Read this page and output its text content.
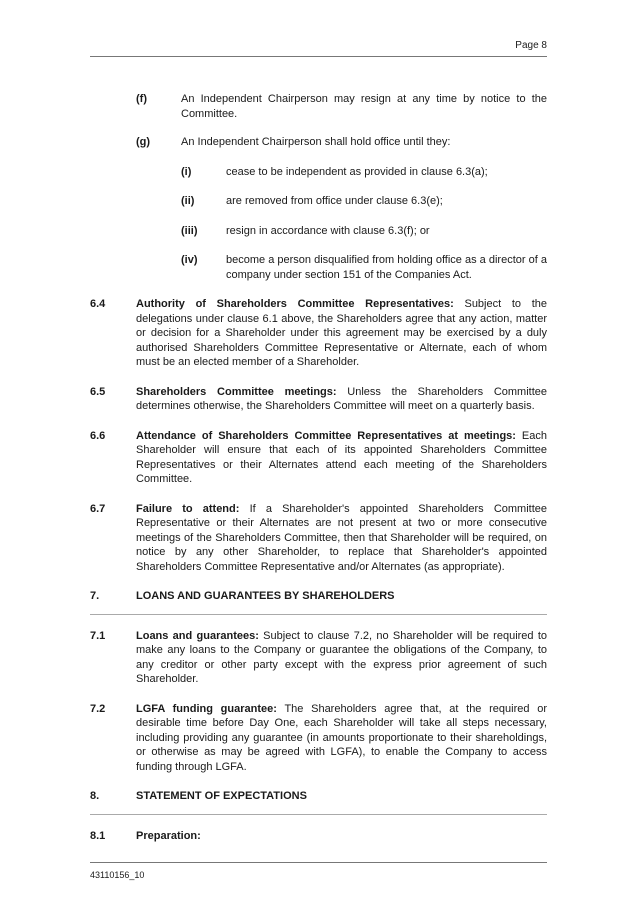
Page 8
(f)	An Independent Chairperson may resign at any time by notice to the Committee.
(g)	An Independent Chairperson shall hold office until they:
(i)	cease to be independent as provided in clause 6.3(a);
(ii)	are removed from office under clause 6.3(e);
(iii)	resign in accordance with clause 6.3(f); or
(iv)	become a person disqualified from holding office as a director of a company under section 151 of the Companies Act.
6.4	Authority of Shareholders Committee Representatives: Subject to the delegations under clause 6.1 above, the Shareholders agree that any action, matter or decision for a Shareholder under this agreement may be exercised by a duly authorised Shareholders Committee Representative or Alternate, each of whom must be an elected member of a Shareholder.
6.5	Shareholders Committee meetings: Unless the Shareholders Committee determines otherwise, the Shareholders Committee will meet on a quarterly basis.
6.6	Attendance of Shareholders Committee Representatives at meetings: Each Shareholder will ensure that each of its appointed Shareholders Committee Representatives or their Alternates attend each meeting of the Shareholders Committee.
6.7	Failure to attend: If a Shareholder's appointed Shareholders Committee Representative or their Alternates are not present at two or more consecutive meetings of the Shareholders Committee, then that Shareholder will be required, on notice by any other Shareholder, to replace that Shareholder's appointed Shareholders Committee Representative and/or Alternates (as appropriate).
7.	LOANS AND GUARANTEES BY SHAREHOLDERS
7.1	Loans and guarantees: Subject to clause 7.2, no Shareholder will be required to make any loans to the Company or guarantee the obligations of the Company, to any creditor or other party except with the express prior agreement of such Shareholder.
7.2	LGFA funding guarantee: The Shareholders agree that, at the required or desirable time before Day One, each Shareholder will take all steps necessary, including providing any guarantee (in amounts proportionate to their shareholdings, or otherwise as may be agreed with LGFA), to enable the Company to access funding through LGFA.
8.	STATEMENT OF EXPECTATIONS
8.1	Preparation:
43110156_10
